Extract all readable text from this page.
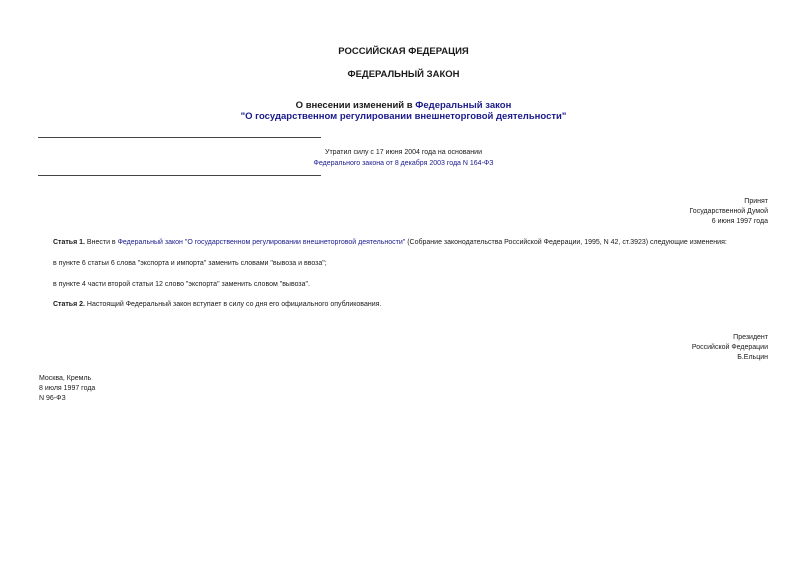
РОССИЙСКАЯ ФЕДЕРАЦИЯ
ФЕДЕРАЛЬНЫЙ ЗАКОН
О внесении изменений в Федеральный закон
"О государственном регулировании внешнеторговой деятельности"
Утратил силу с 17 июня 2004 года на основании
Федерального закона от 8 декабря 2003 года N 164-ФЗ
Принят
Государственной Думой
6 июня 1997 года
Статья 1. Внести в Федеральный закон "О государственном регулировании внешнеторговой деятельности" (Собрание законодательства Российской Федерации, 1995, N 42, ст.3923) следующие изменения:
в пункте 6 статьи 6 слова "экспорта и импорта" заменить словами "вывоза и ввоза";
в пункте 4 части второй статьи 12 слово "экспорта" заменить словом "вывоза".
Статья 2. Настоящий Федеральный закон вступает в силу со дня его официального опубликования.
Президент
Российской Федерации
Б.Ельцин
Москва, Кремль
8 июля 1997 года
N 96-ФЗ
